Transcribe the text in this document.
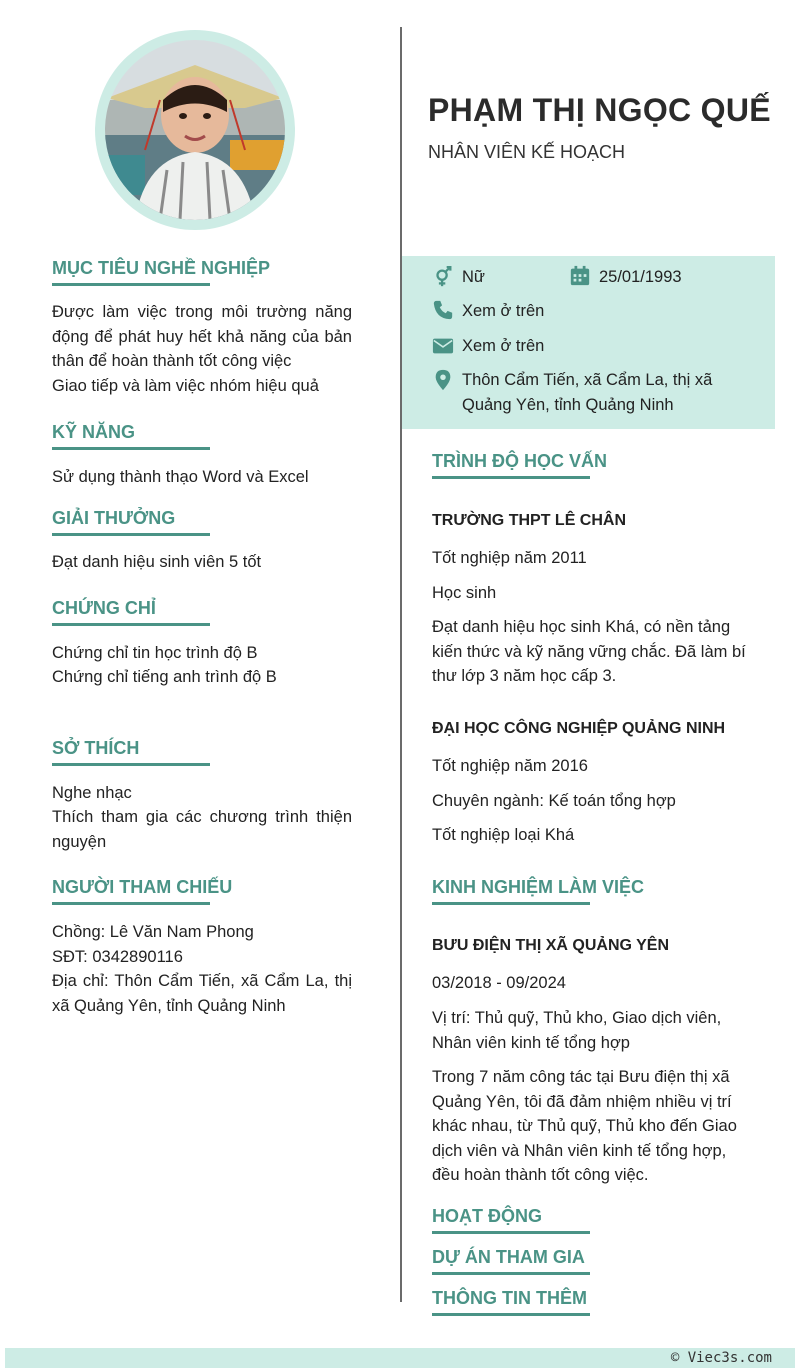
PHẠM THỊ NGỌC QUẾ
NHÂN VIÊN KẾ HOẠCH
Nữ	25/01/1993
Xem ở trên
Xem ở trên
Thôn Cẩm Tiến, xã Cẩm La, thị xã
Quảng Yên, tỉnh Quảng Ninh
MỤC TIÊU NGHỀ NGHIỆP
Được làm việc trong môi trường năng động để phát huy hết khả năng của bản thân để hoàn thành tốt công việc
Giao tiếp và làm việc nhóm hiệu quả
KỸ NĂNG
Sử dụng thành thạo Word và Excel
GIẢI THƯỞNG
Đạt danh hiệu sinh viên 5 tốt
CHỨNG CHỈ
Chứng chỉ tin học trình độ B
Chứng chỉ tiếng anh trình độ B
SỞ THÍCH
Nghe nhạc
Thích tham gia các chương trình thiện nguyện
NGƯỜI THAM CHIẾU
Chồng: Lê Văn Nam Phong
SĐT: 0342890116
Địa chỉ: Thôn Cẩm Tiến, xã Cẩm La, thị xã Quảng Yên, tỉnh Quảng Ninh
TRÌNH ĐỘ HỌC VẤN
TRƯỜNG THPT LÊ CHÂN
Tốt nghiệp năm 2011
Học sinh
Đạt danh hiệu học sinh Khá, có nền tảng kiến thức và kỹ năng vững chắc. Đã làm bí thư lớp 3 năm học cấp 3.
ĐẠI HỌC CÔNG NGHIỆP QUẢNG NINH
Tốt nghiệp năm 2016
Chuyên ngành: Kế toán tổng hợp
Tốt nghiệp loại Khá
KINH NGHIỆM LÀM VIỆC
BƯU ĐIỆN THỊ XÃ QUẢNG YÊN
03/2018 - 09/2024
Vị trí: Thủ quỹ, Thủ kho, Giao dịch viên, Nhân viên kinh tế tổng hợp
Trong 7 năm công tác tại Bưu điện thị xã Quảng Yên, tôi đã đảm nhiệm nhiều vị trí khác nhau, từ Thủ quỹ, Thủ kho đến Giao dịch viên và Nhân viên kinh tế tổng hợp, đều hoàn thành tốt công việc.
HOẠT ĐỘNG
DỰ ÁN THAM GIA
THÔNG TIN THÊM
© Viec3s.com
